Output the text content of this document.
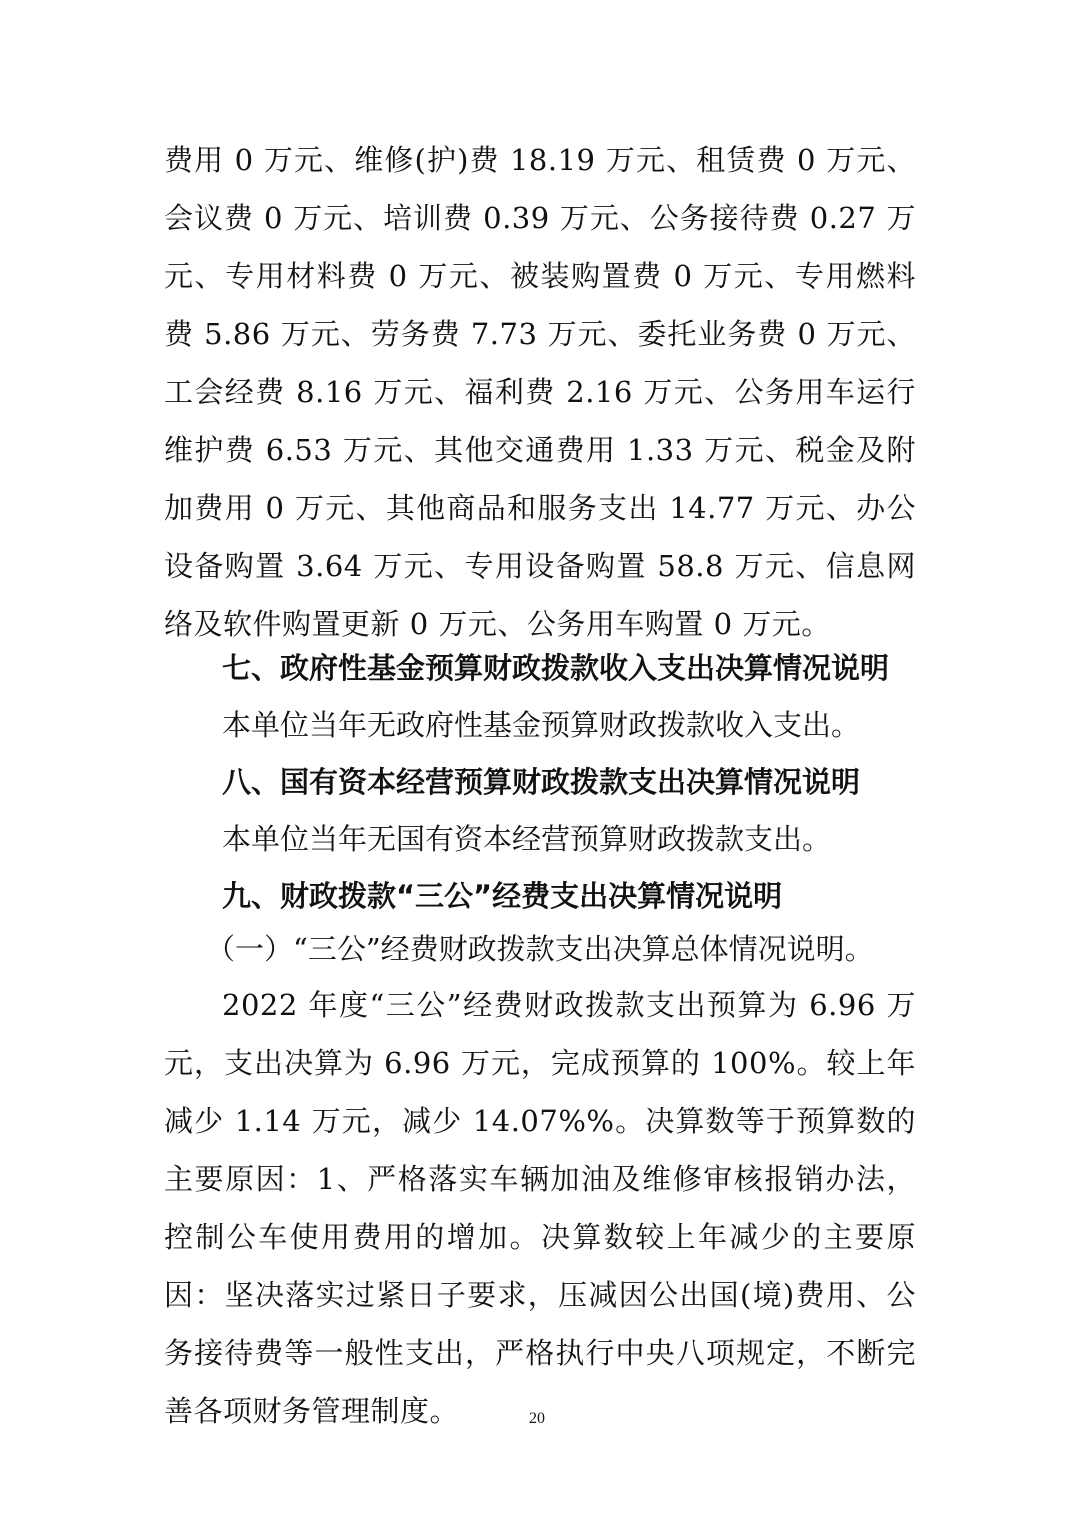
费用 0 万元、维修(护)费 18.19 万元、租赁费 0 万元、会议费 0 万元、培训费 0.39 万元、公务接待费 0.27 万元、专用材料费 0 万元、被装购置费 0 万元、专用燃料费 5.86 万元、劳务费 7.73 万元、委托业务费 0 万元、工会经费 8.16 万元、福利费 2.16 万元、公务用车运行维护费 6.53 万元、其他交通费用 1.33 万元、税金及附加费用 0 万元、其他商品和服务支出 14.77 万元、办公设备购置 3.64 万元、专用设备购置 58.8 万元、信息网络及软件购置更新 0 万元、公务用车购置 0 万元。

七、政府性基金预算财政拨款收入支出决算情况说明

本单位当年无政府性基金预算财政拨款收入支出。

八、国有资本经营预算财政拨款支出决算情况说明

本单位当年无国有资本经营预算财政拨款支出。

九、财政拨款“三公”经费支出决算情况说明

（一）“三公”经费财政拨款支出决算总体情况说明。

2022 年度“三公”经费财政拨款支出预算为 6.96 万元，支出决算为 6.96 万元，完成预算的 100%。较上年减少 1.14 万元，减少 14.07%%。决算数等于预算数的主要原因：1、严格落实车辆加油及维修审核报销办法，控制公车使用费用的增加。决算数较上年减少的主要原因：坚决落实过紧日子要求，压减因公出国(境)费用、公务接待费等一般性支出，严格执行中央八项规定，不断完善各项财务管理制度。	20
